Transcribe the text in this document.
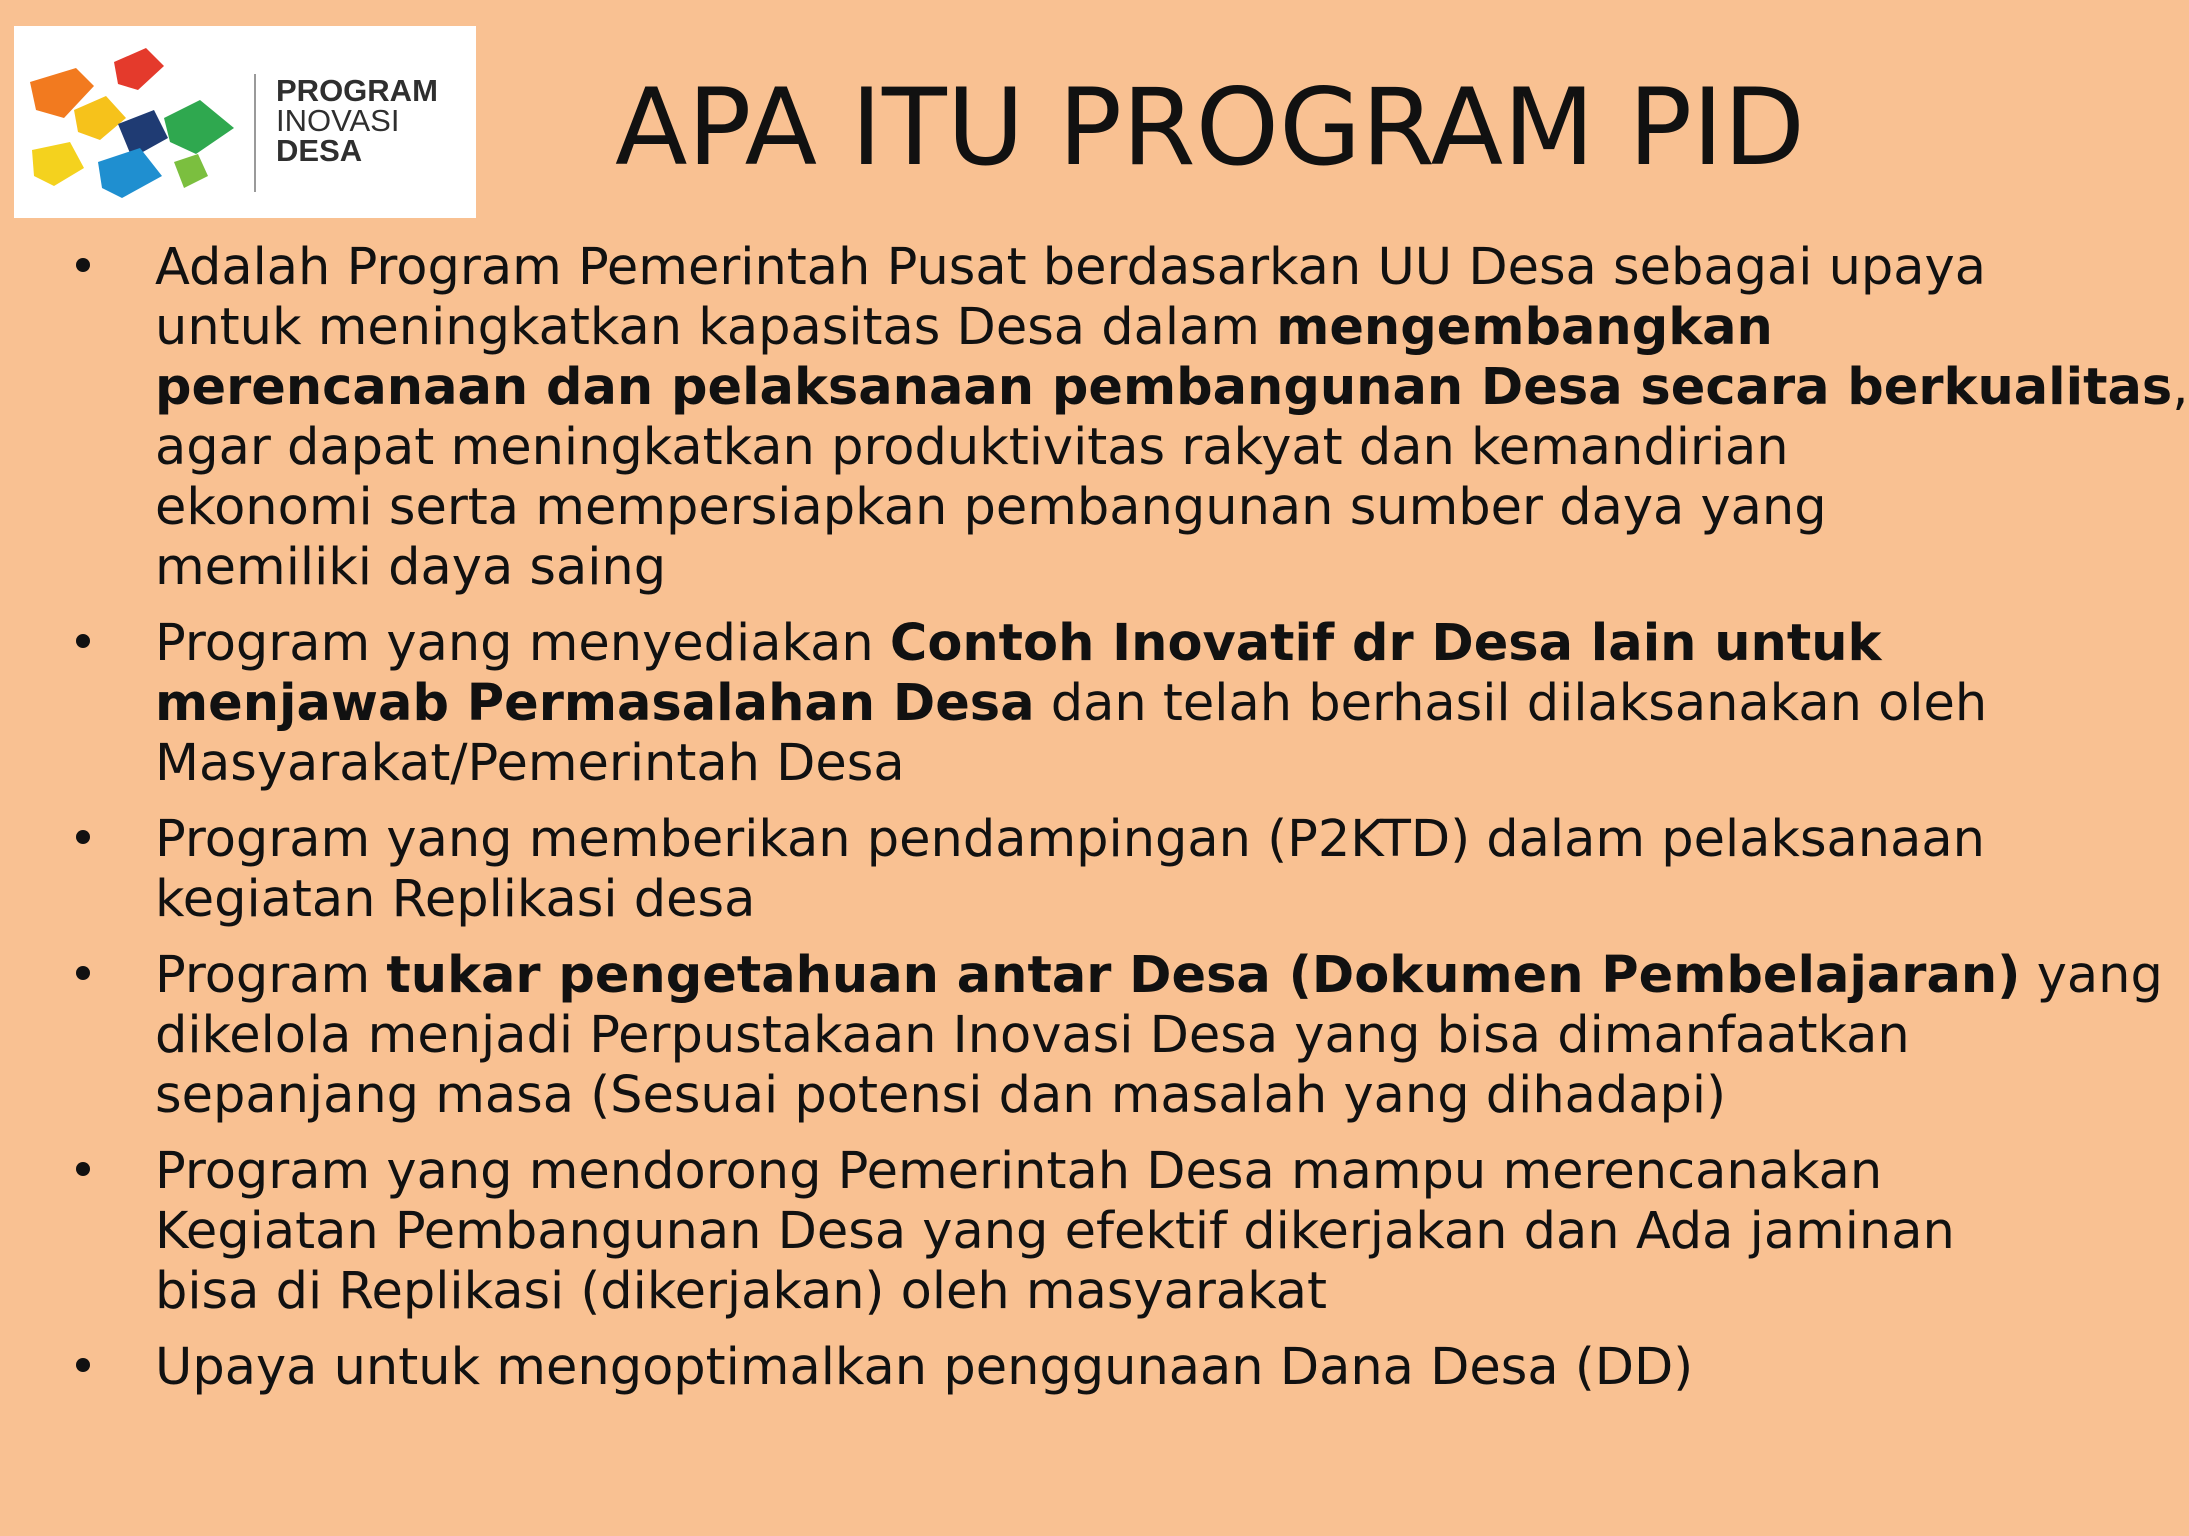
PROGRAM
INOVASI
DESA	APA ITU PROGRAM PID
Adalah Program Pemerintah Pusat berdasarkan UU Desa sebagai upaya
untuk meningkatkan kapasitas Desa dalam mengembangkan
perencanaan dan pelaksanaan pembangunan Desa secara berkualitas,
agar dapat meningkatkan produktivitas rakyat dan kemandirian
ekonomi serta mempersiapkan pembangunan sumber daya yang
memiliki daya saing
Program yang menyediakan Contoh Inovatif dr Desa lain untuk
menjawab Permasalahan Desa dan telah berhasil dilaksanakan oleh
Masyarakat/Pemerintah Desa
Program yang memberikan pendampingan (P2KTD) dalam pelaksanaan
kegiatan Replikasi desa
Program tukar pengetahuan antar Desa (Dokumen Pembelajaran) yang
dikelola menjadi Perpustakaan Inovasi Desa yang bisa dimanfaatkan
sepanjang masa (Sesuai potensi dan masalah yang dihadapi)
Program yang mendorong Pemerintah Desa mampu merencanakan
Kegiatan Pembangunan Desa yang efektif dikerjakan dan Ada jaminan
bisa di Replikasi (dikerjakan) oleh masyarakat
Upaya untuk mengoptimalkan penggunaan Dana Desa (DD)
